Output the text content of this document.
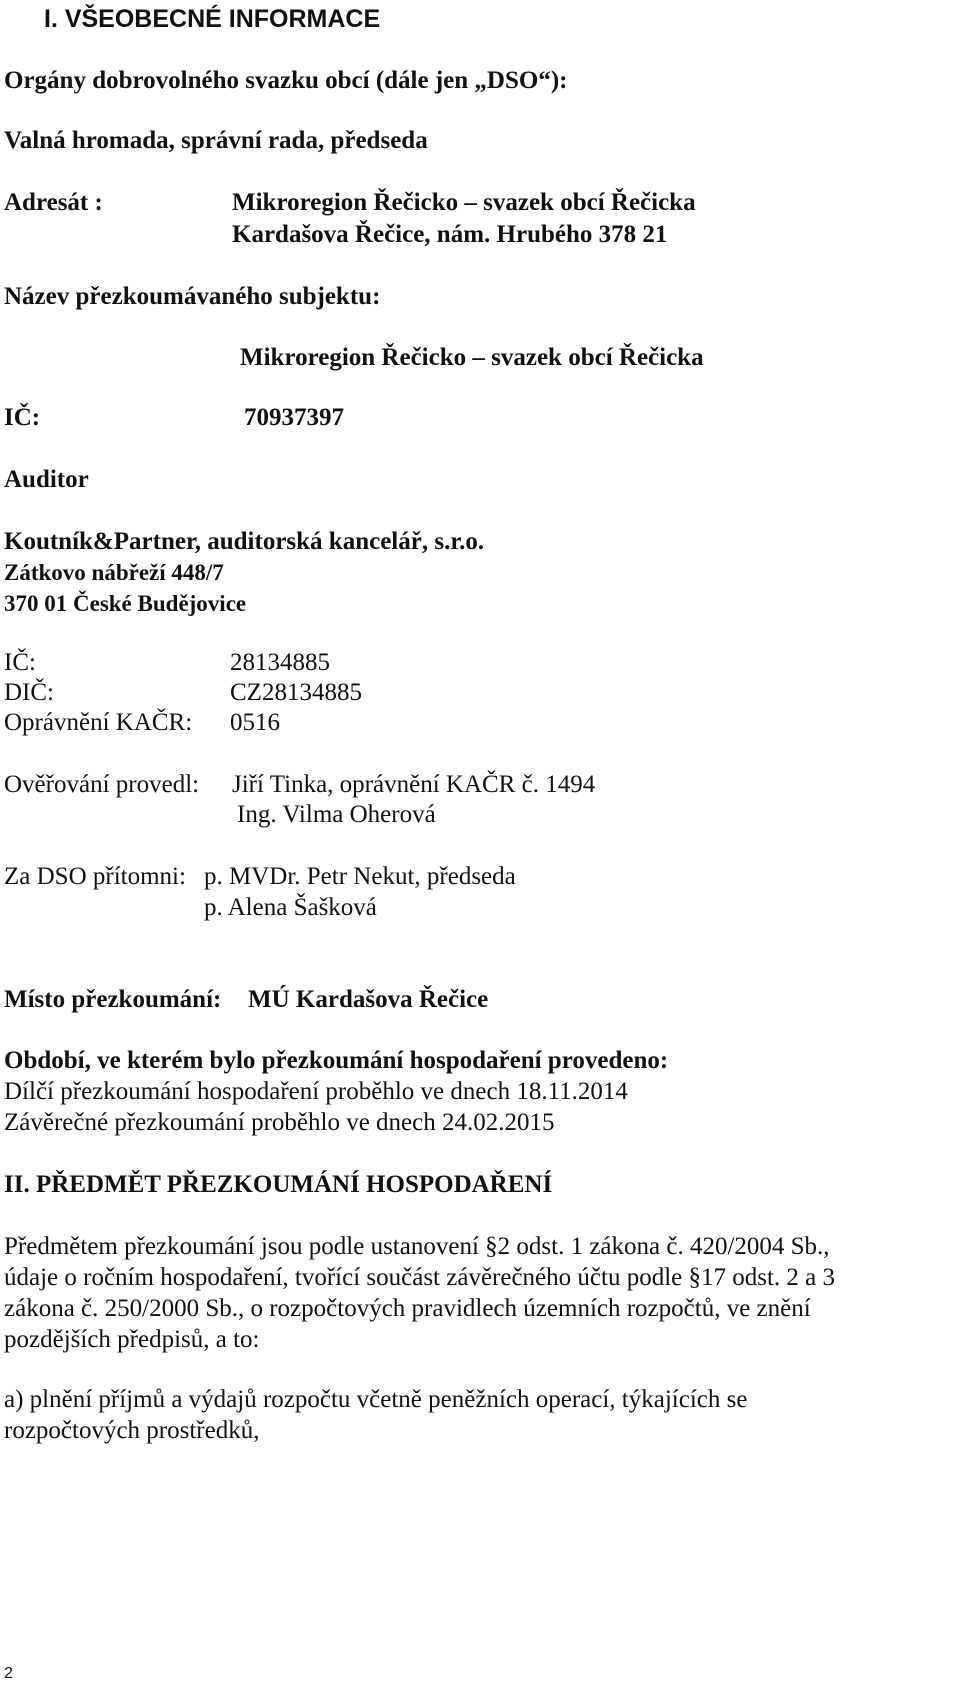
I. VŠEOBECNÉ INFORMACE
Orgány dobrovolného svazku obcí (dále jen „DSO“):
Valná hromada, správní rada, předseda
Adresát :	Mikroregion Řečicko – svazek obcí Řečicka
Kardašova Řečice, nám. Hrubého 378 21
Název přezkoumávaného subjektu:
Mikroregion Řečicko – svazek obcí Řečicka
IČ:	70937397
Auditor
Koutník&Partner, auditorská kancelář, s.r.o.
Zátkovo nábřeží 448/7
370 01 České Budějovice
IČ:	28134885
DIČ:	CZ28134885
Oprávnění KAČR: 0516
Ověřování provedl: Jiří Tinka, oprávnění KAČR č. 1494
Ing. Vilma Oherová
Za DSO přítomni: p. MVDr. Petr Nekut, předseda
p. Alena Šašková
Místo přezkoumání: MÚ Kardašova Řečice
Období, ve kterém bylo přezkoumání hospodaření provedeno:
Dílčí přezkoumání hospodaření proběhlo ve dnech 18.11.2014
Závěrečné přezkoumání proběhlo ve dnech 24.02.2015
II. PŘEDMĚT PŘEZKOUMÁNÍ HOSPODAŘENÍ
Předmětem přezkoumání jsou podle ustanovení §2 odst. 1 zákona č. 420/2004 Sb.,
údaje o ročním hospodaření, tvořící součást závěrečného účtu podle §17 odst. 2 a 3
zákona č. 250/2000 Sb., o rozpočtových pravidlech územních rozpočtů, ve znění
pozdějších předpisů, a to:
a) plnění příjmů a výdajů rozpočtu včetně peněžních operací, týkajících se
rozpočtových prostředků,
2
